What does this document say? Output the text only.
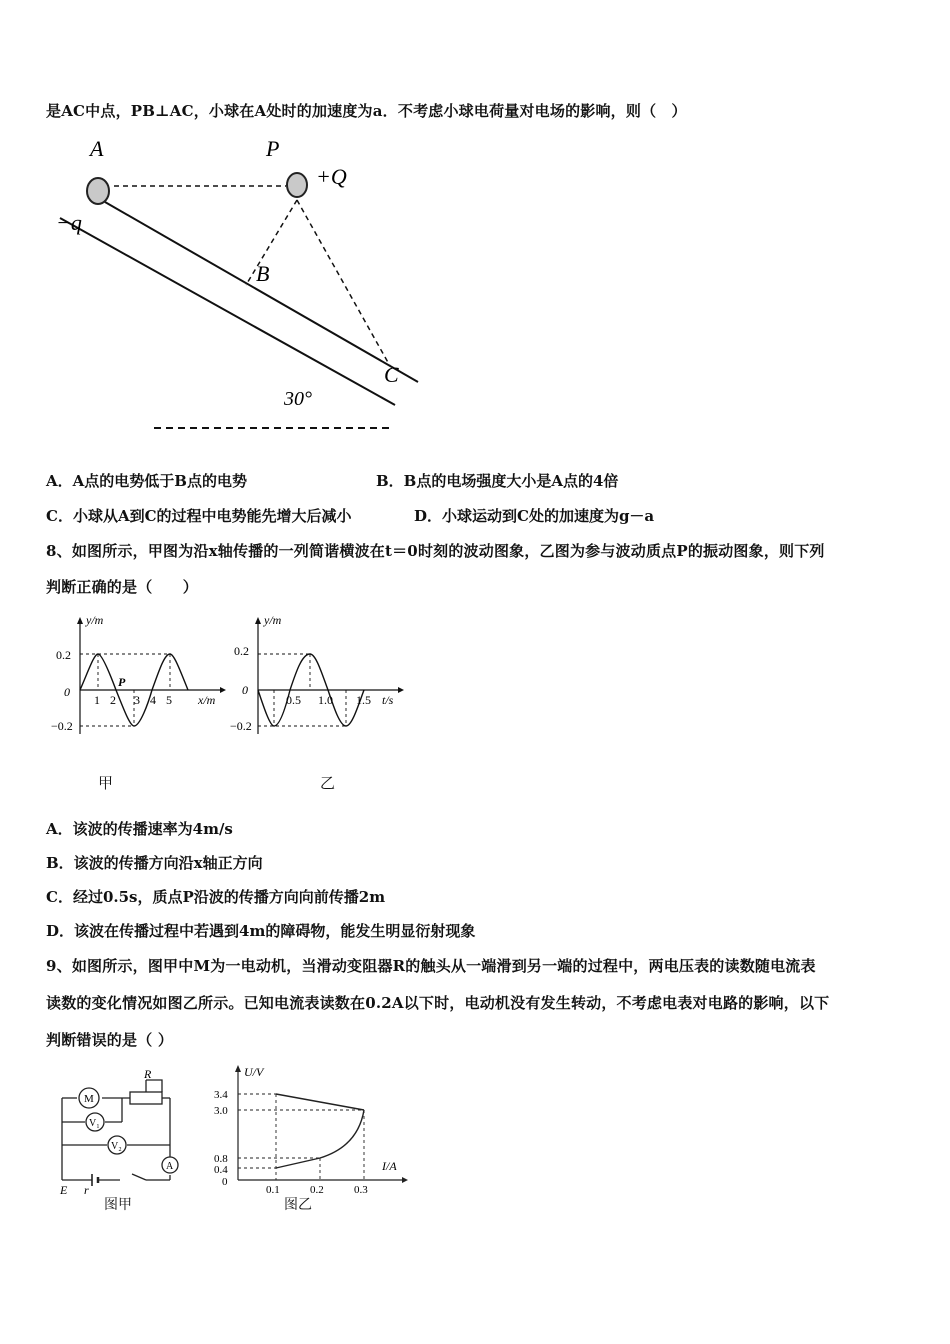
是AC中点，PB⊥AC，小球在A处时的加速度为a．不考虑小球电荷量对电场的影响，则（　）
A	P
+Q
−q
B
C
30°
A．A点的电势低于B点的电势	B．B点的电场强度大小是A点的4倍
C．小球从A到C的过程中电势能先增大后减小	D．小球运动到C处的加速度为g－a
8、如图所示，甲图为沿x轴传播的一列简谐横波在t＝0时刻的波动图象，乙图为参与波动质点P的振动图象，则下列
判断正确的是（　　）
y/m
x/m
0.2
0
−0.2
1 2 3 4 5
P
甲
y/m
t/s
0.2
0
−0.2
0.5 1.0 1.5
乙
A．该波的传播速率为4m/s
B．该波的传播方向沿x轴正方向
C．经过0.5s，质点P沿波的传播方向向前传播2m
D．该波在传播过程中若遇到4m的障碍物，能发生明显衍射现象
9、如图所示，图甲中M为一电动机，当滑动变阻器R的触头从一端滑到另一端的过程中，两电压表的读数随电流表
读数的变化情况如图乙所示。已知电流表读数在0.2A以下时，电动机没有发生转动，不考虑电表对电路的影响，以下
判断错误的是（ ）
M
R
V₁
V₂
A
E r
图甲
U/V
I/A
3.4
3.0
0.8
0.4
0
0.1	0.2	0.3
图乙
